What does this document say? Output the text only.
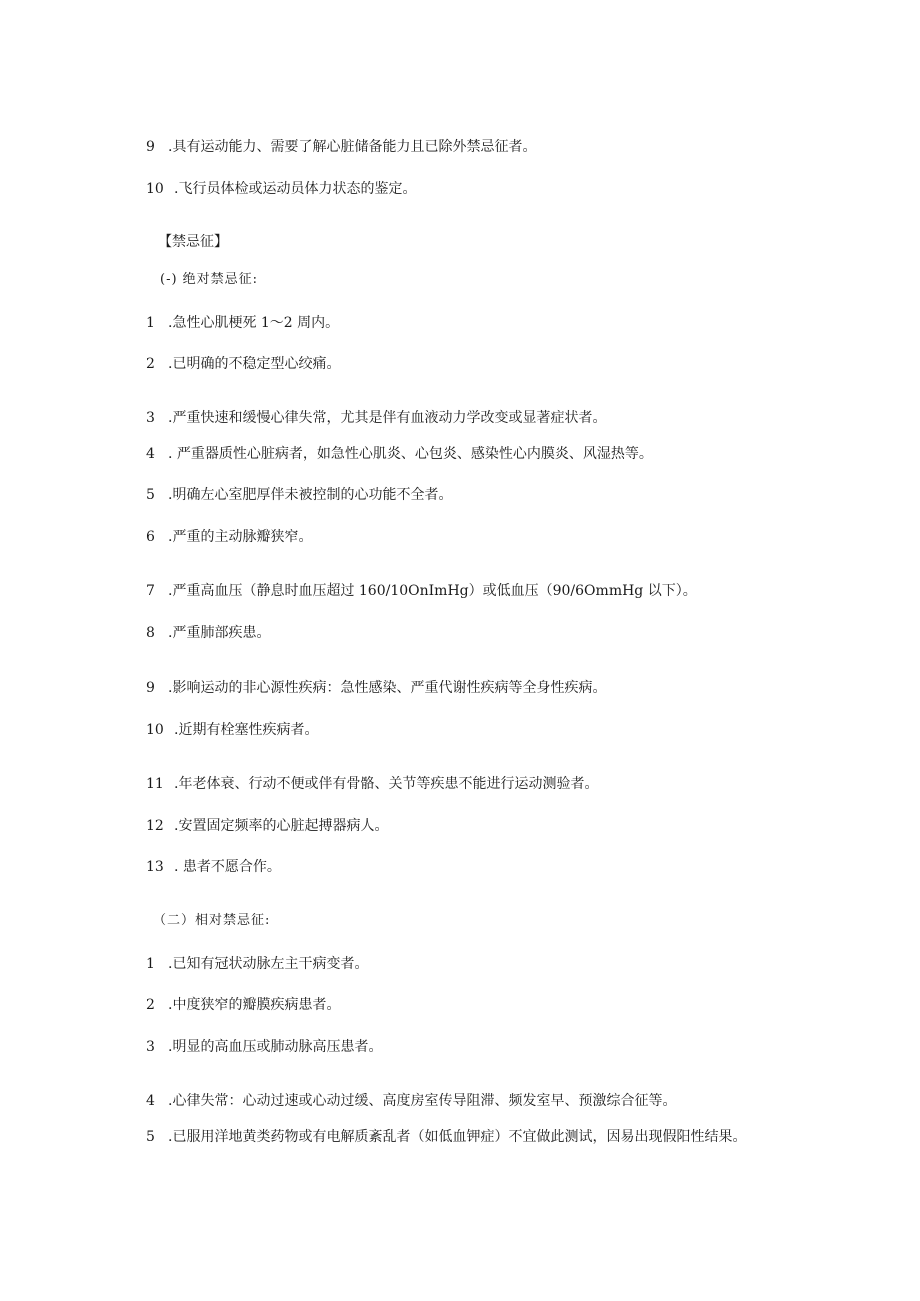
9 .具有运动能力、需要了解心脏储备能力且已除外禁忌征者。
10 .飞行员体检或运动员体力状态的鉴定。
【禁忌征】
(-) 绝对禁忌征:
1 .急性心肌梗死 1～2 周内。
2 .已明确的不稳定型心绞痛。
3 .严重快速和缓慢心律失常，尤其是伴有血液动力学改变或显著症状者。
4 . 严重器质性心脏病者，如急性心肌炎、心包炎、感染性心内膜炎、风湿热等。
5 .明确左心室肥厚伴未被控制的心功能不全者。
6 .严重的主动脉瓣狭窄。
7 .严重高血压（静息时血压超过 160/10OnImHg）或低血压（90/6OmmHg 以下）。
8 .严重肺部疾患。
9 .影响运动的非心源性疾病：急性感染、严重代谢性疾病等全身性疾病。
10 .近期有栓塞性疾病者。
11 .年老体衰、行动不便或伴有骨骼、关节等疾患不能进行运动测验者。
12 .安置固定频率的心脏起搏器病人。
13 . 患者不愿合作。
（二）相对禁忌征:
1 .已知有冠状动脉左主干病变者。
2 .中度狭窄的瓣膜疾病患者。
3 .明显的高血压或肺动脉高压患者。
4 .心律失常：心动过速或心动过缓、高度房室传导阻滞、频发室早、预激综合征等。
5 .已服用洋地黄类药物或有电解质紊乱者（如低血钾症）不宜做此测试，因易出现假阳性结果。
